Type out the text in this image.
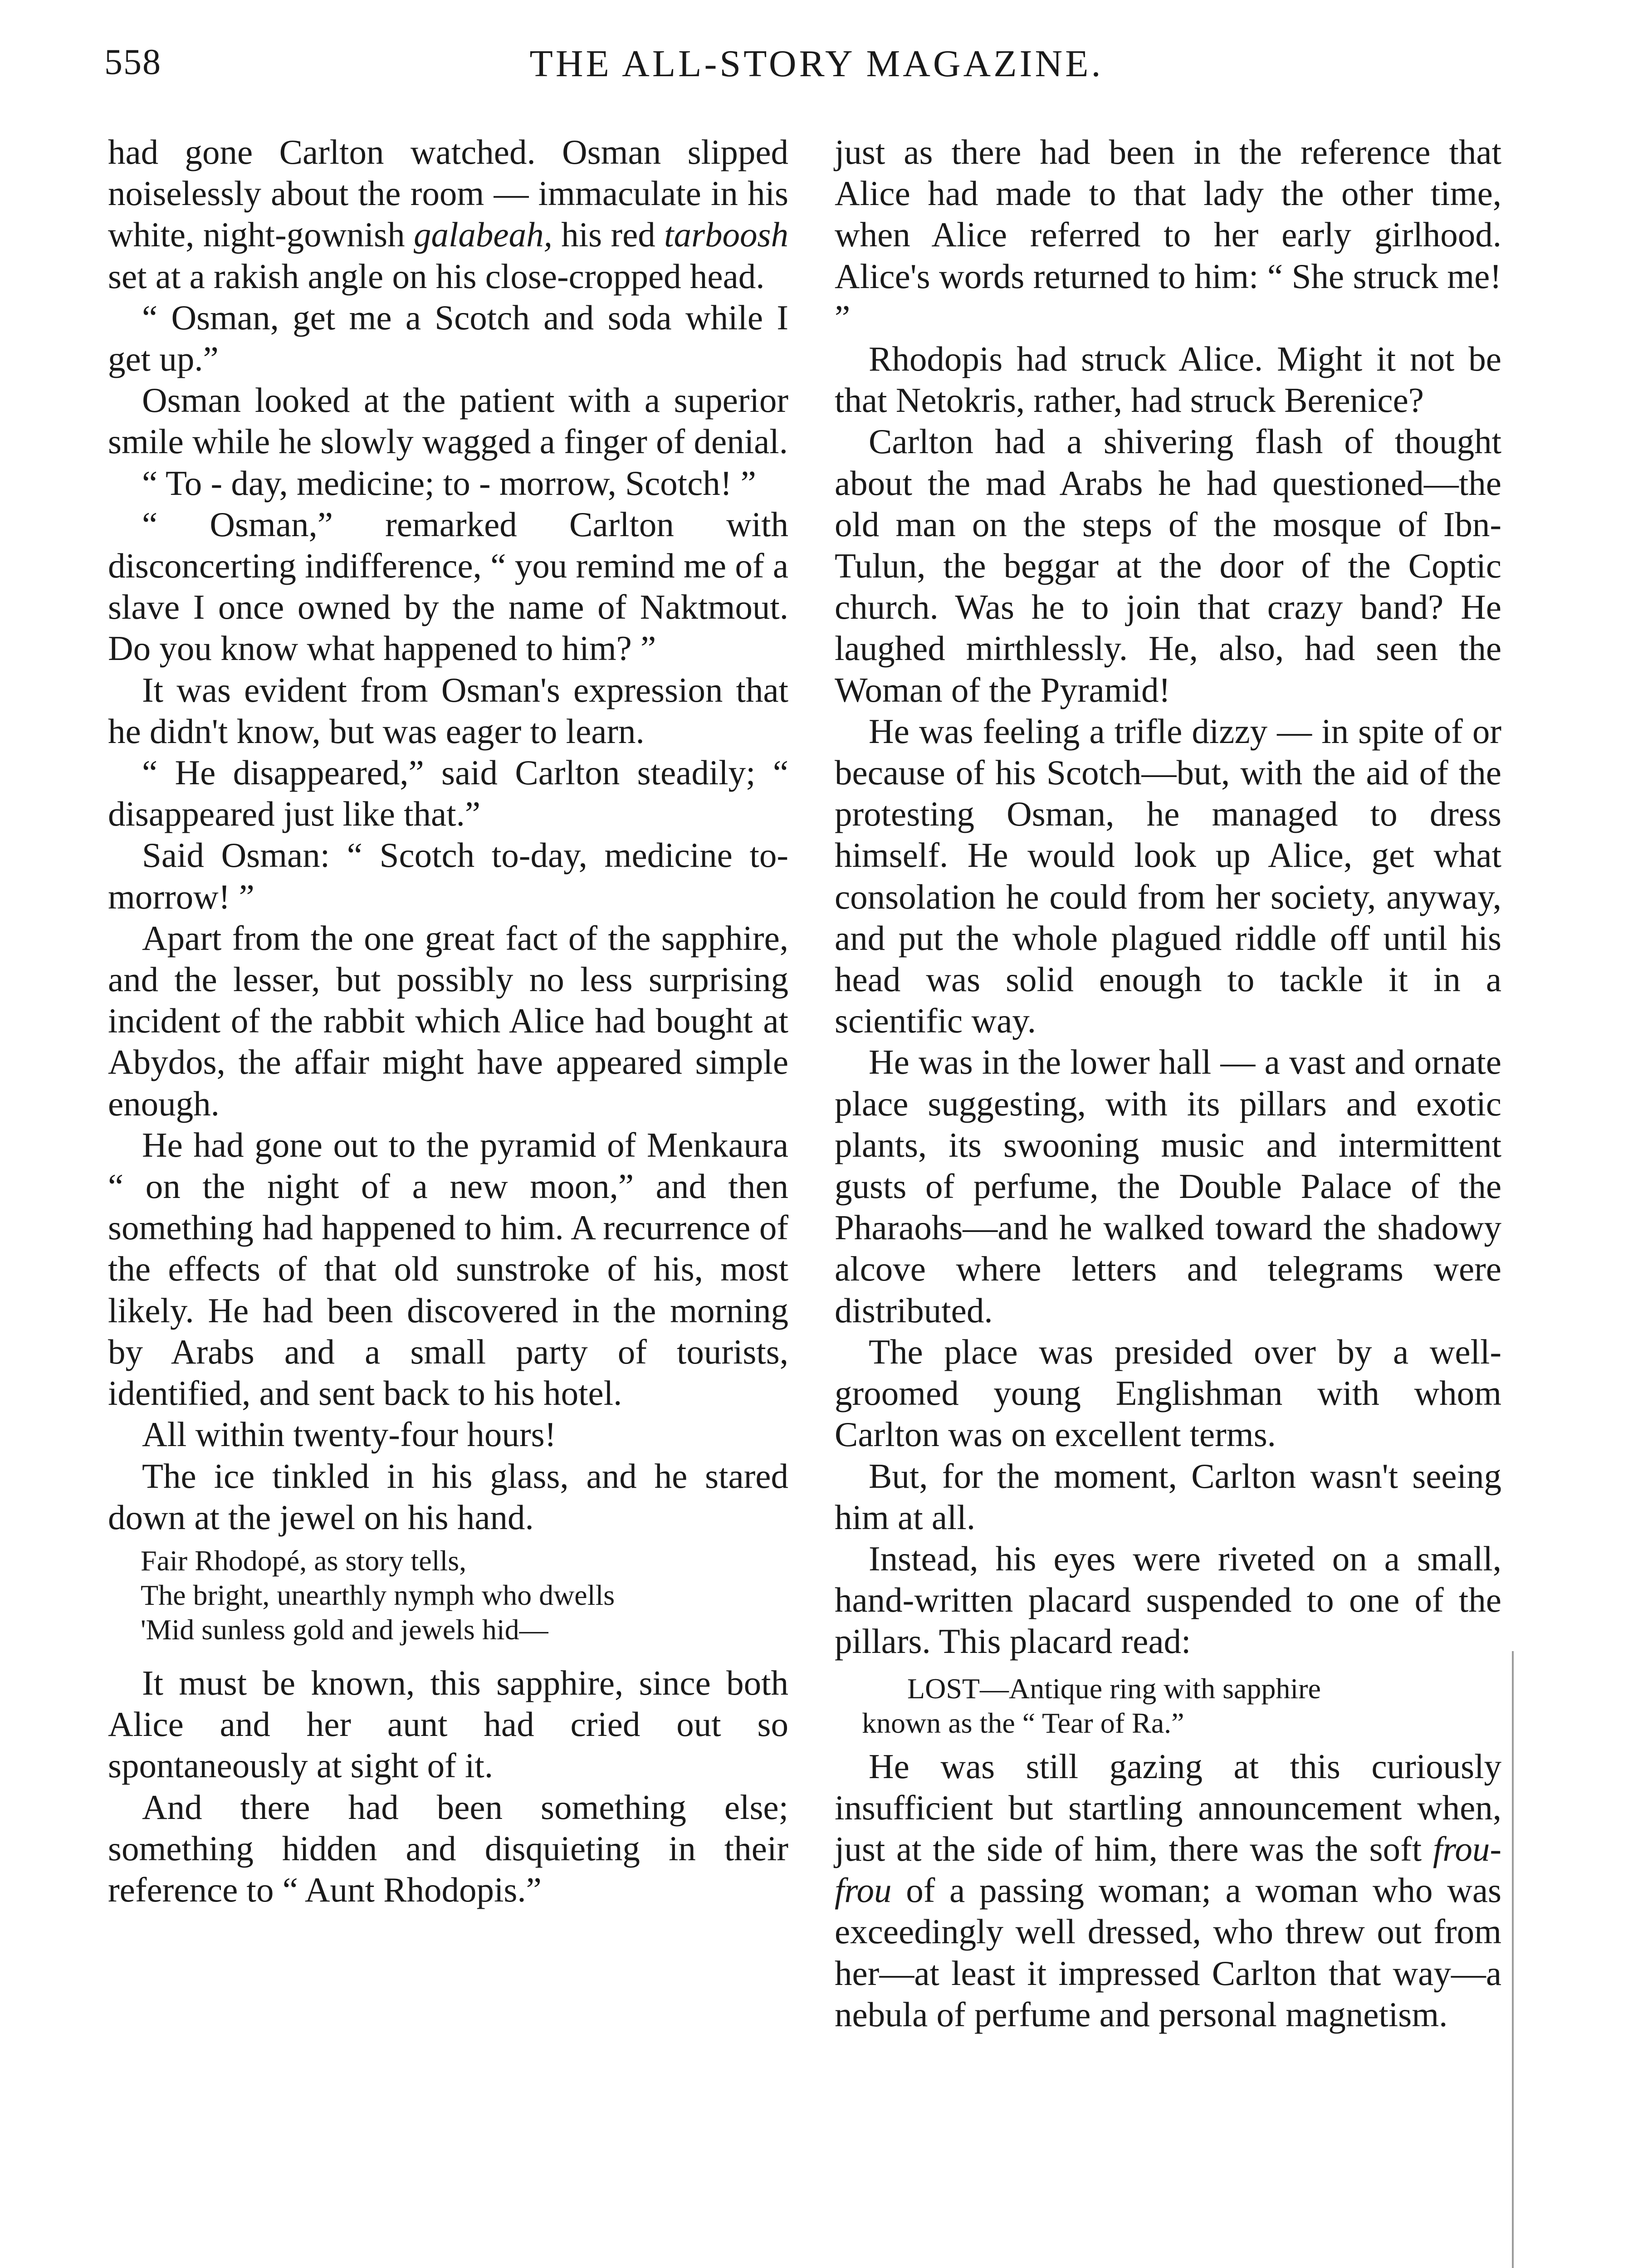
558	THE ALL-STORY MAGAZINE.

had gone Carlton watched. Osman slipped noiselessly about the room — immaculate in his white, night-gownish galabeah, his red tarboosh set at a rakish angle on his close-cropped head.

“ Osman, get me a Scotch and soda while I get up.”

Osman looked at the patient with a superior smile while he slowly wagged a finger of denial.

“ To - day, medicine; to - morrow, Scotch! ”

“ Osman,” remarked Carlton with disconcerting indifference, “ you remind me of a slave I once owned by the name of Naktmout. Do you know what happened to him? ”

It was evident from Osman's expression that he didn't know, but was eager to learn.

“ He disappeared,” said Carlton steadily; “ disappeared just like that.”

Said Osman: “ Scotch to-day, medicine to-morrow! ”

Apart from the one great fact of the sapphire, and the lesser, but possibly no less surprising incident of the rabbit which Alice had bought at Abydos, the affair might have appeared simple enough.

He had gone out to the pyramid of Menkaura “ on the night of a new moon,” and then something had happened to him. A recurrence of the effects of that old sunstroke of his, most likely. He had been discovered in the morning by Arabs and a small party of tourists, identified, and sent back to his hotel.

All within twenty-four hours!

The ice tinkled in his glass, and he stared down at the jewel on his hand.

Fair Rhodopé, as story tells,
The bright, unearthly nymph who dwells
'Mid sunless gold and jewels hid—

It must be known, this sapphire, since both Alice and her aunt had cried out so spontaneously at sight of it.

And there had been something else; something hidden and disquieting in their reference to “ Aunt Rhodopis.”

just as there had been in the reference that Alice had made to that lady the other time, when Alice referred to her early girlhood. Alice's words returned to him: “ She struck me! ”

Rhodopis had struck Alice. Might it not be that Netokris, rather, had struck Berenice?

Carlton had a shivering flash of thought about the mad Arabs he had questioned—the old man on the steps of the mosque of Ibn-Tulun, the beggar at the door of the Coptic church. Was he to join that crazy band? He laughed mirthlessly. He, also, had seen the Woman of the Pyramid!

He was feeling a trifle dizzy — in spite of or because of his Scotch—but, with the aid of the protesting Osman, he managed to dress himself. He would look up Alice, get what consolation he could from her society, anyway, and put the whole plagued riddle off until his head was solid enough to tackle it in a scientific way.

He was in the lower hall — a vast and ornate place suggesting, with its pillars and exotic plants, its swooning music and intermittent gusts of perfume, the Double Palace of the Pharaohs—and he walked toward the shadowy alcove where letters and telegrams were distributed.

The place was presided over by a well-groomed young Englishman with whom Carlton was on excellent terms.

But, for the moment, Carlton wasn't seeing him at all.

Instead, his eyes were riveted on a small, hand-written placard suspended to one of the pillars. This placard read:

LOST—Antique ring with sapphire
known as the “ Tear of Ra.”

He was still gazing at this curiously insufficient but startling announcement when, just at the side of him, there was the soft frou-frou of a passing woman; a woman who was exceedingly well dressed, who threw out from her—at least it impressed Carlton that way—a nebula of perfume and personal magnetism.
